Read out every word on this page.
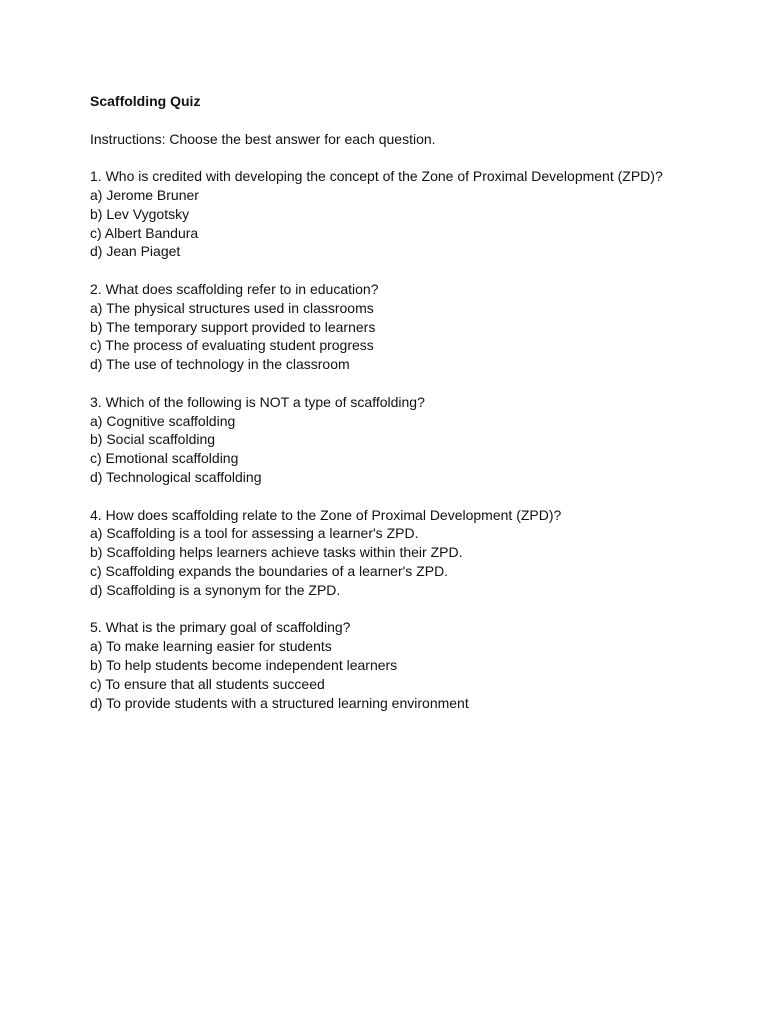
Scaffolding Quiz
Instructions: Choose the best answer for each question.
1. Who is credited with developing the concept of the Zone of Proximal Development (ZPD)?
a) Jerome Bruner
b) Lev Vygotsky
c) Albert Bandura
d) Jean Piaget
2. What does scaffolding refer to in education?
a) The physical structures used in classrooms
b) The temporary support provided to learners
c) The process of evaluating student progress
d) The use of technology in the classroom
3. Which of the following is NOT a type of scaffolding?
a) Cognitive scaffolding
b) Social scaffolding
c) Emotional scaffolding
d) Technological scaffolding
4. How does scaffolding relate to the Zone of Proximal Development (ZPD)?
a) Scaffolding is a tool for assessing a learner's ZPD.
b) Scaffolding helps learners achieve tasks within their ZPD.
c) Scaffolding expands the boundaries of a learner's ZPD.
d) Scaffolding is a synonym for the ZPD.
5. What is the primary goal of scaffolding?
a) To make learning easier for students
b) To help students become independent learners
c) To ensure that all students succeed
d) To provide students with a structured learning environment
